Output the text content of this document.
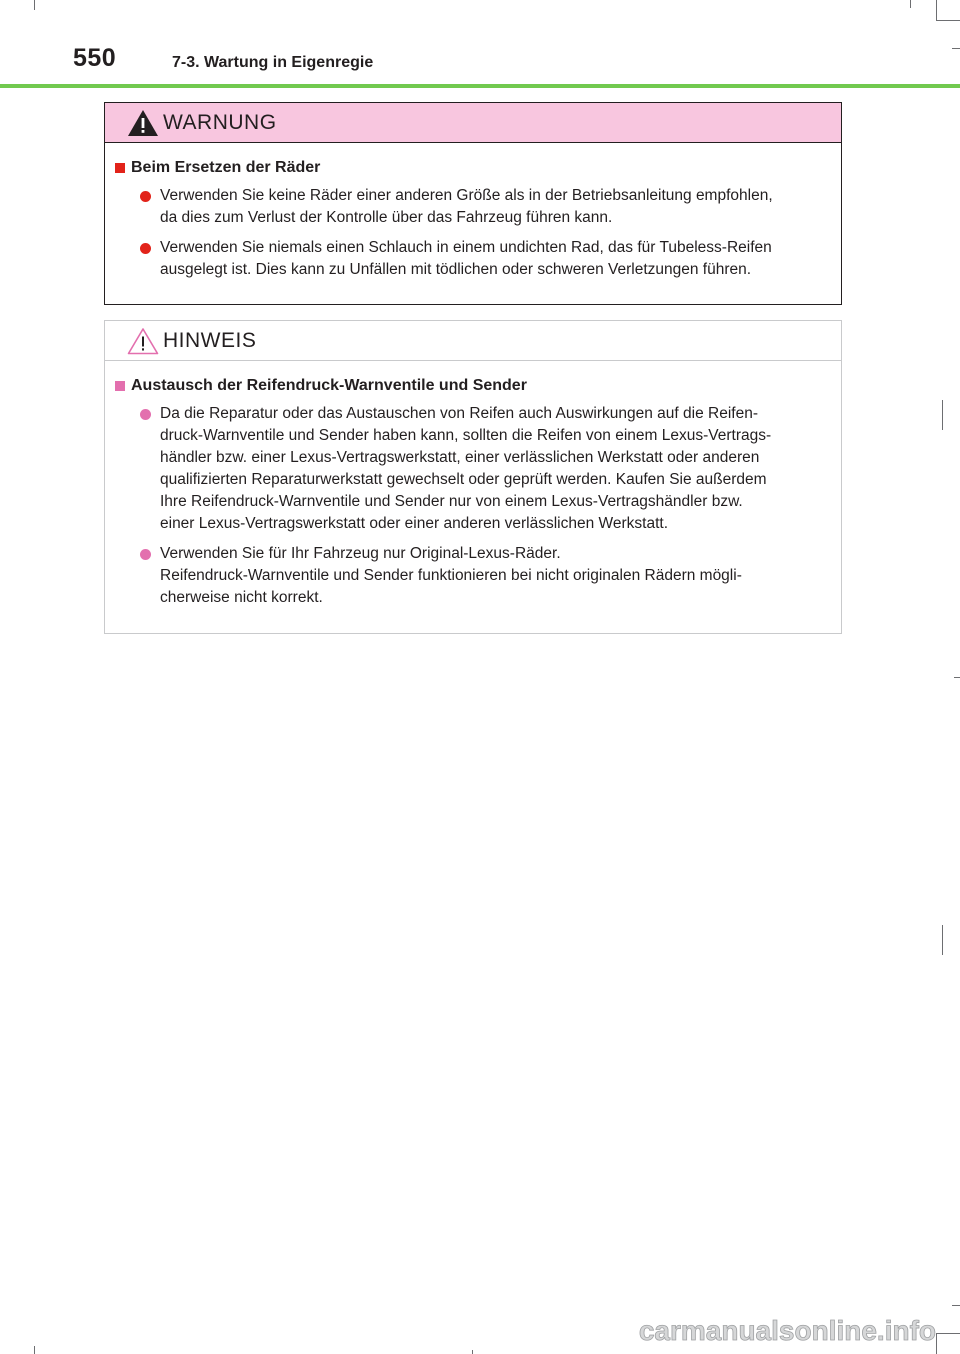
550	7-3. Wartung in Eigenregie
WARNUNG
Beim Ersetzen der Räder
Verwenden Sie keine Räder einer anderen Größe als in der Betriebsanleitung empfohlen,
da dies zum Verlust der Kontrolle über das Fahrzeug führen kann.
Verwenden Sie niemals einen Schlauch in einem undichten Rad, das für Tubeless-Reifen
ausgelegt ist. Dies kann zu Unfällen mit tödlichen oder schweren Verletzungen führen.
HINWEIS
Austausch der Reifendruck-Warnventile und Sender
Da die Reparatur oder das Austauschen von Reifen auch Auswirkungen auf die Reifen-
druck-Warnventile und Sender haben kann, sollten die Reifen von einem Lexus-Vertrags-
händler bzw. einer Lexus-Vertragswerkstatt, einer verlässlichen Werkstatt oder anderen
qualifizierten Reparaturwerkstatt gewechselt oder geprüft werden. Kaufen Sie außerdem
Ihre Reifendruck-Warnventile und Sender nur von einem Lexus-Vertragshändler bzw.
einer Lexus-Vertragswerkstatt oder einer anderen verlässlichen Werkstatt.
Verwenden Sie für Ihr Fahrzeug nur Original-Lexus-Räder.
Reifendruck-Warnventile und Sender funktionieren bei nicht originalen Rädern mögli-
cherweise nicht korrekt.
carmanualsonline.info
